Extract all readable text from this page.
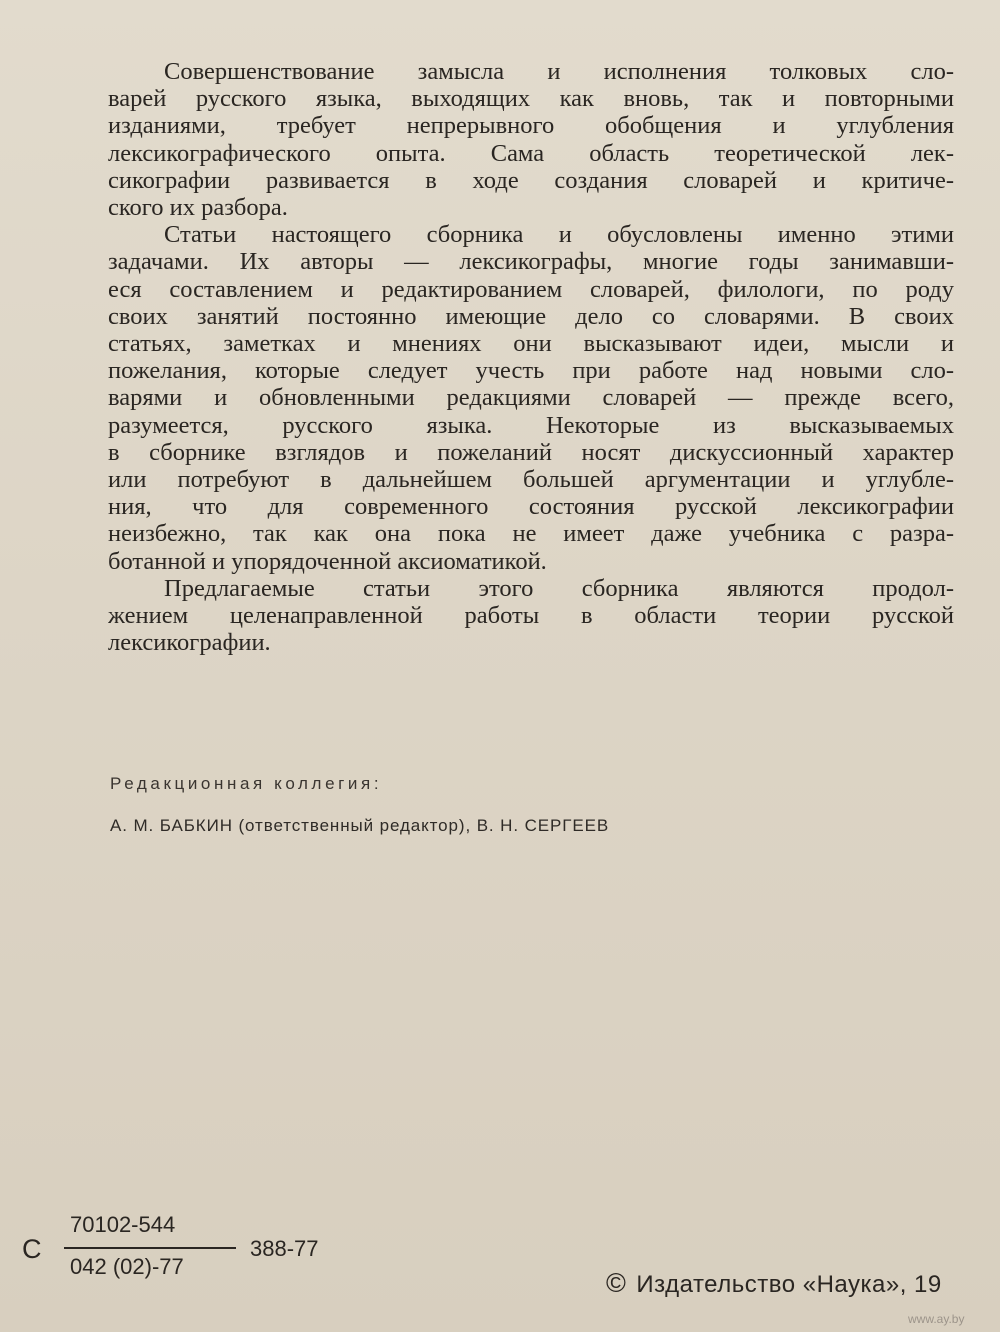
Совершенствование замысла и исполнения толковых сло-
варей русского языка, выходящих как вновь, так и повторными
изданиями, требует непрерывного обобщения и углубления
лексикографического опыта. Сама область теоретической лек-
сикографии развивается в ходе создания словарей и критиче-
ского их разбора.
Статьи настоящего сборника и обусловлены именно этими
задачами. Их авторы — лексикографы, многие годы занимавши-
еся составлением и редактированием словарей, филологи, по роду
своих занятий постоянно имеющие дело со словарями. В своих
статьях, заметках и мнениях они высказывают идеи, мысли и
пожелания, которые следует учесть при работе над новыми сло-
варями и обновленными редакциями словарей — прежде всего,
разумеется, русского языка. Некоторые из высказываемых
в сборнике взглядов и пожеланий носят дискуссионный характер
или потребуют в дальнейшем большей аргументации и углубле-
ния, что для современного состояния русской лексикографии
неизбежно, так как она пока не имеет даже учебника с разра-
ботанной и упорядоченной аксиоматикой.
Предлагаемые статьи этого сборника являются продол-
жением целенаправленной работы в области теории русской
лексикографии.
Редакционная коллегия:
А. М. БАБКИН (ответственный редактор), В. Н. СЕРГЕЕВ
С
70102-544
042 (02)-77
388-77
© Издательство «Наука», 19
www.ay.by
